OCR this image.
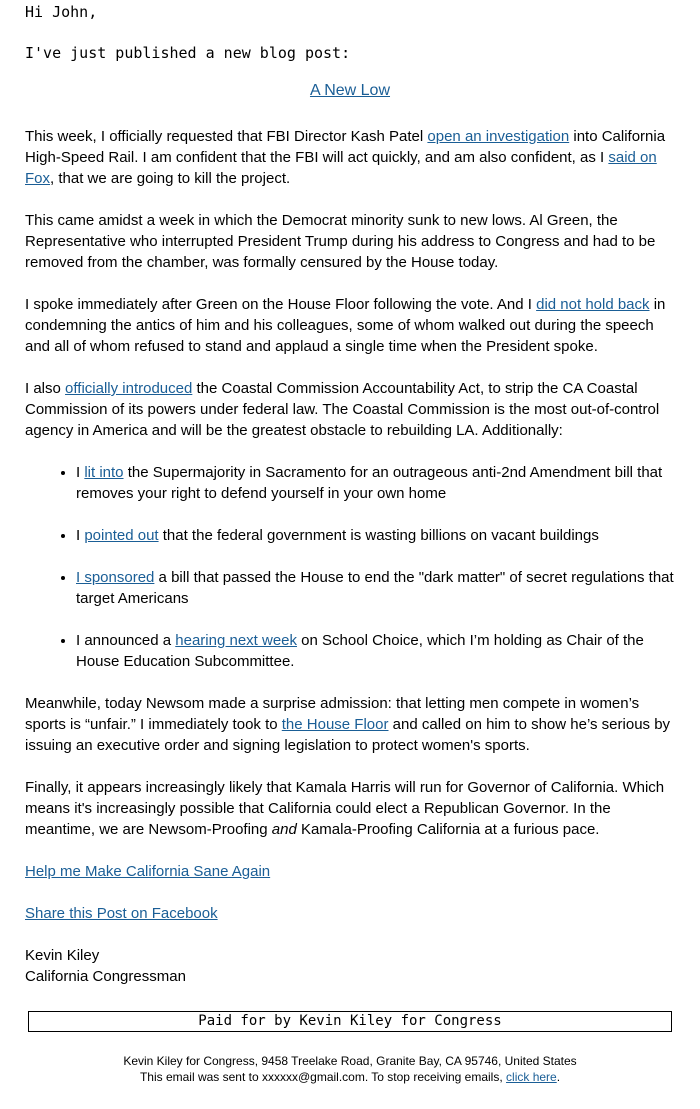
Hi John,
I've just published a new blog post:
A New Low

This week, I officially requested that FBI Director Kash Patel open an investigation into California High-Speed Rail. I am confident that the FBI will act quickly, and am also confident, as I said on Fox, that we are going to kill the project.

This came amidst a week in which the Democrat minority sunk to new lows. Al Green, the Representative who interrupted President Trump during his address to Congress and had to be removed from the chamber, was formally censured by the House today.

I spoke immediately after Green on the House Floor following the vote. And I did not hold back in condemning the antics of him and his colleagues, some of whom walked out during the speech and all of whom refused to stand and applaud a single time when the President spoke.

I also officially introduced the Coastal Commission Accountability Act, to strip the CA Coastal Commission of its powers under federal law. The Coastal Commission is the most out-of-control agency in America and will be the greatest obstacle to rebuilding LA. Additionally:

• I lit into the Supermajority in Sacramento for an outrageous anti-2nd Amendment bill that removes your right to defend yourself in your own home
• I pointed out that the federal government is wasting billions on vacant buildings
• I sponsored a bill that passed the House to end the "dark matter" of secret regulations that target Americans
• I announced a hearing next week on School Choice, which I’m holding as Chair of the House Education Subcommittee.

Meanwhile, today Newsom made a surprise admission: that letting men compete in women’s sports is “unfair.” I immediately took to the House Floor and called on him to show he’s serious by issuing an executive order and signing legislation to protect women's sports.

Finally, it appears increasingly likely that Kamala Harris will run for Governor of California. Which means it's increasingly possible that California could elect a Republican Governor. In the meantime, we are Newsom-Proofing and Kamala-Proofing California at a furious pace.

Help me Make California Sane Again

Share this Post on Facebook

Kevin Kiley
California Congressman
Paid for by Kevin Kiley for Congress
Kevin Kiley for Congress, 9458 Treelake Road, Granite Bay, CA 95746, United States
This email was sent to xxxxxx@gmail.com. To stop receiving emails, click here.
